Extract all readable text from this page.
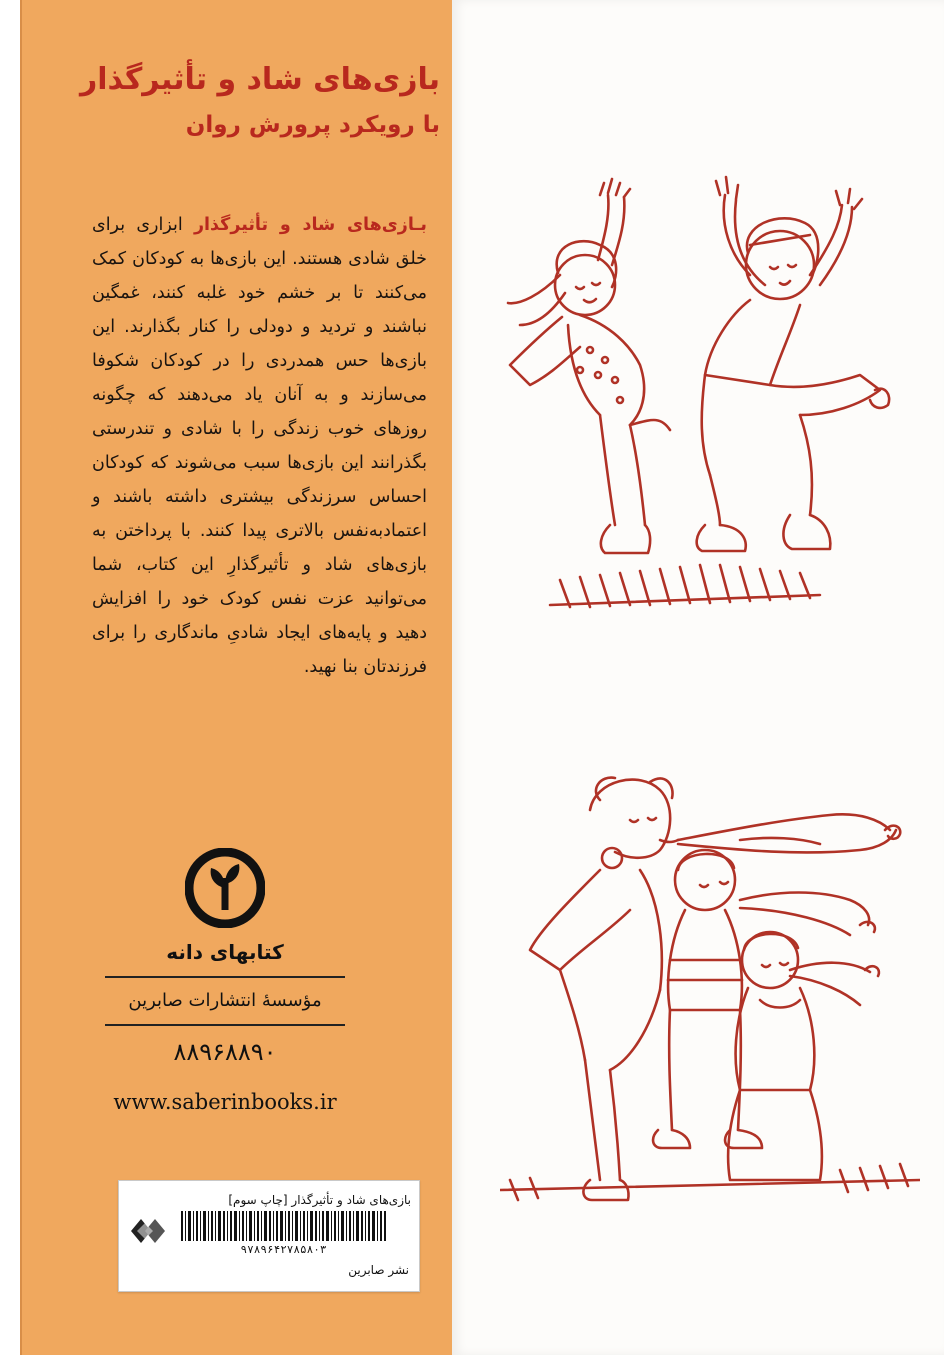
بازی‌های شاد و تأثیرگذار
با رویکرد پرورش روان
بـازی‌های شاد و تأثیرگذار ابزاری برای خلق شادی هستند. این بازی‌ها به کودکان کمک می‌کنند تا بر خشم خود غلبه کنند، غمگین نباشند و تردید و دودلی را کنار بگذارند. این بازی‌ها حس همدردی را در کودکان شکوفا می‌سازند و به آنان یاد می‌دهند که چگونه روزهای خوب زندگی را با شادی و تندرستی بگذرانند این بازی‌ها سبب می‌شوند که کودکان احساس سرزندگی بیشتری داشته باشند و اعتمادبه‌نفس بالاتری پیدا کنند. با پرداختن به بازی‌های شاد و تأثیرگذارِ این کتاب، شما می‌توانید عزت نفس کودک خود را افزایش دهید و پایه‌های ایجاد شادیِ ماندگاری را برای فرزندتان بنا نهید.
کتابهای دانه
مؤسسهٔ انتشارات صابرین
۸۸۹۶۸۸۹۰
www.saberinbooks.ir
بازی‌های شاد و تأثیرگذار [چاپ سوم]
۹۷۸۹۶۴۲۷۸۵۸۰۳
نشر صابرین
